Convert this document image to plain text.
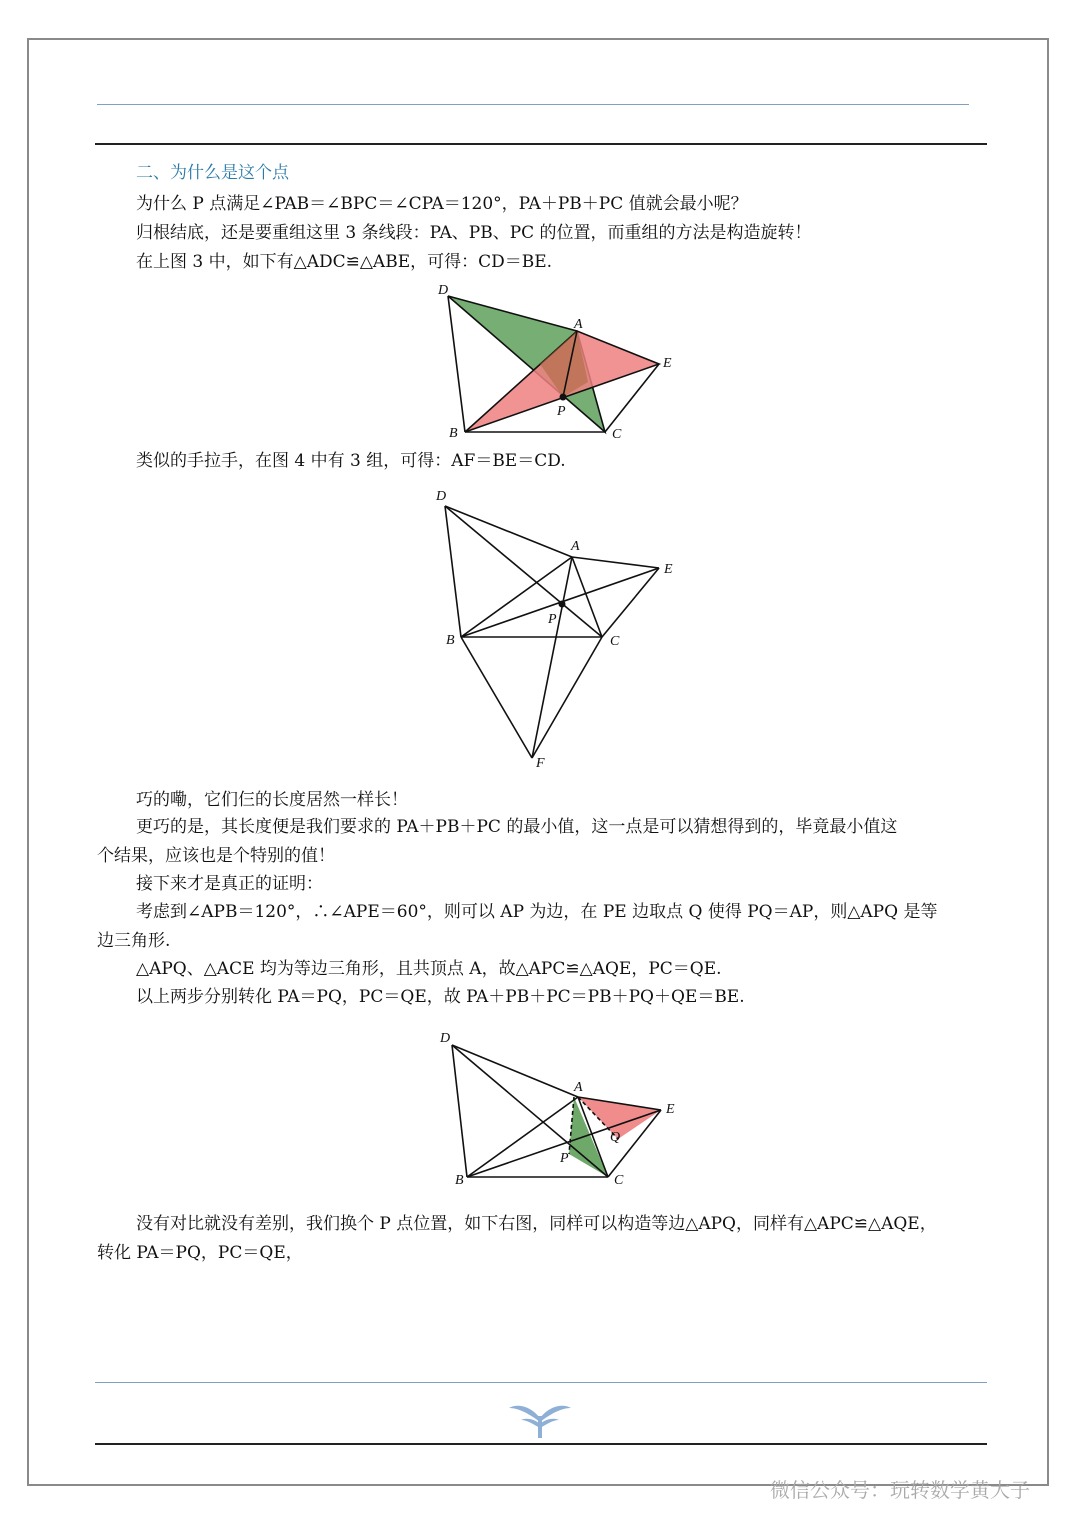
二、为什么是这个点
为什么 P 点满足∠PAB＝∠BPC＝∠CPA＝120°，PA＋PB＋PC 值就会最小呢？
归根结底，还是要重组这里 3 条线段：PA、PB、PC 的位置，而重组的方法是构造旋转！
在上图 3 中，如下有△ADC≌△ABE，可得：CD＝BE.
D
A
E
P
B	C
类似的手拉手，在图 4 中有 3 组，可得：AF＝BE＝CD.
D
A
E
P
B	C
F
巧的嘞，它们仨的长度居然一样长！
更巧的是，其长度便是我们要求的 PA＋PB＋PC 的最小值，这一点是可以猜想得到的，毕竟最小值这
个结果，应该也是个特别的值！
接下来才是真正的证明：
考虑到∠APB＝120°，∴∠APE＝60°，则可以 AP 为边，在 PE 边取点 Q 使得 PQ＝AP，则△APQ 是等
边三角形.
△APQ、△ACE 均为等边三角形，且共顶点 A，故△APC≌△AQE，PC＝QE.
以上两步分别转化 PA＝PQ，PC＝QE，故 PA＋PB＋PC＝PB＋PQ＋QE＝BE.
D
A
E
Q
P
B	C
没有对比就没有差别，我们换个 P 点位置，如下右图，同样可以构造等边△APQ，同样有△APC≌△AQE，
转化 PA＝PQ，PC＝QE，
微信公众号：玩转数学黄大子
